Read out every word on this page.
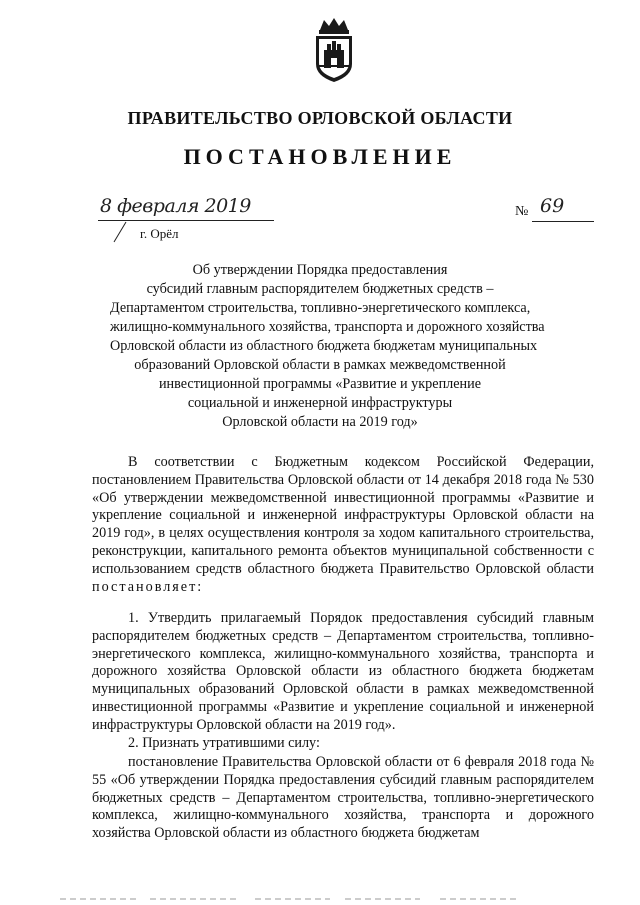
ПРАВИТЕЛЬСТВО ОРЛОВСКОЙ ОБЛАСТИ
ПОСТАНОВЛЕНИЕ
8 февраля 2019
г. Орёл
№ 69
Об утверждении Порядка предоставления
субсидий главным распорядителем бюджетных средств –
Департаментом строительства, топливно-энергетического комплекса,
жилищно-коммунального хозяйства, транспорта и дорожного хозяйства
Орловской области из областного бюджета бюджетам муниципальных
образований Орловской области в рамках межведомственной
инвестиционной программы «Развитие и укрепление
социальной и инженерной инфраструктуры
Орловской области на 2019 год»
В соответствии с Бюджетным кодексом Российской Федерации, постановлением Правительства Орловской области от 14 декабря 2018 года № 530 «Об утверждении межведомственной инвестиционной программы «Развитие и укрепление социальной и инженерной инфраструктуры Орловской области на 2019 год», в целях осуществления контроля за ходом капитального строительства, реконструкции, капитального ремонта объектов муниципальной собственности с использованием средств областного бюджета Правительство Орловской области постановляет:
1. Утвердить прилагаемый Порядок предоставления субсидий главным распорядителем бюджетных средств – Департаментом строительства, топливно-энергетического комплекса, жилищно-коммунального хозяйства, транспорта и дорожного хозяйства Орловской области из областного бюджета бюджетам муниципальных образований Орловской области в рамках межведомственной инвестиционной программы «Развитие и укрепление социальной и инженерной инфраструктуры Орловской области на 2019 год».
2. Признать утратившими силу:
постановление Правительства Орловской области от 6 февраля 2018 года № 55 «Об утверждении Порядка предоставления субсидий главным распорядителем бюджетных средств – Департаментом строительства, топливно-энергетического комплекса, жилищно-коммунального хозяйства, транспорта и дорожного хозяйства Орловской области из областного бюджета бюджетам
